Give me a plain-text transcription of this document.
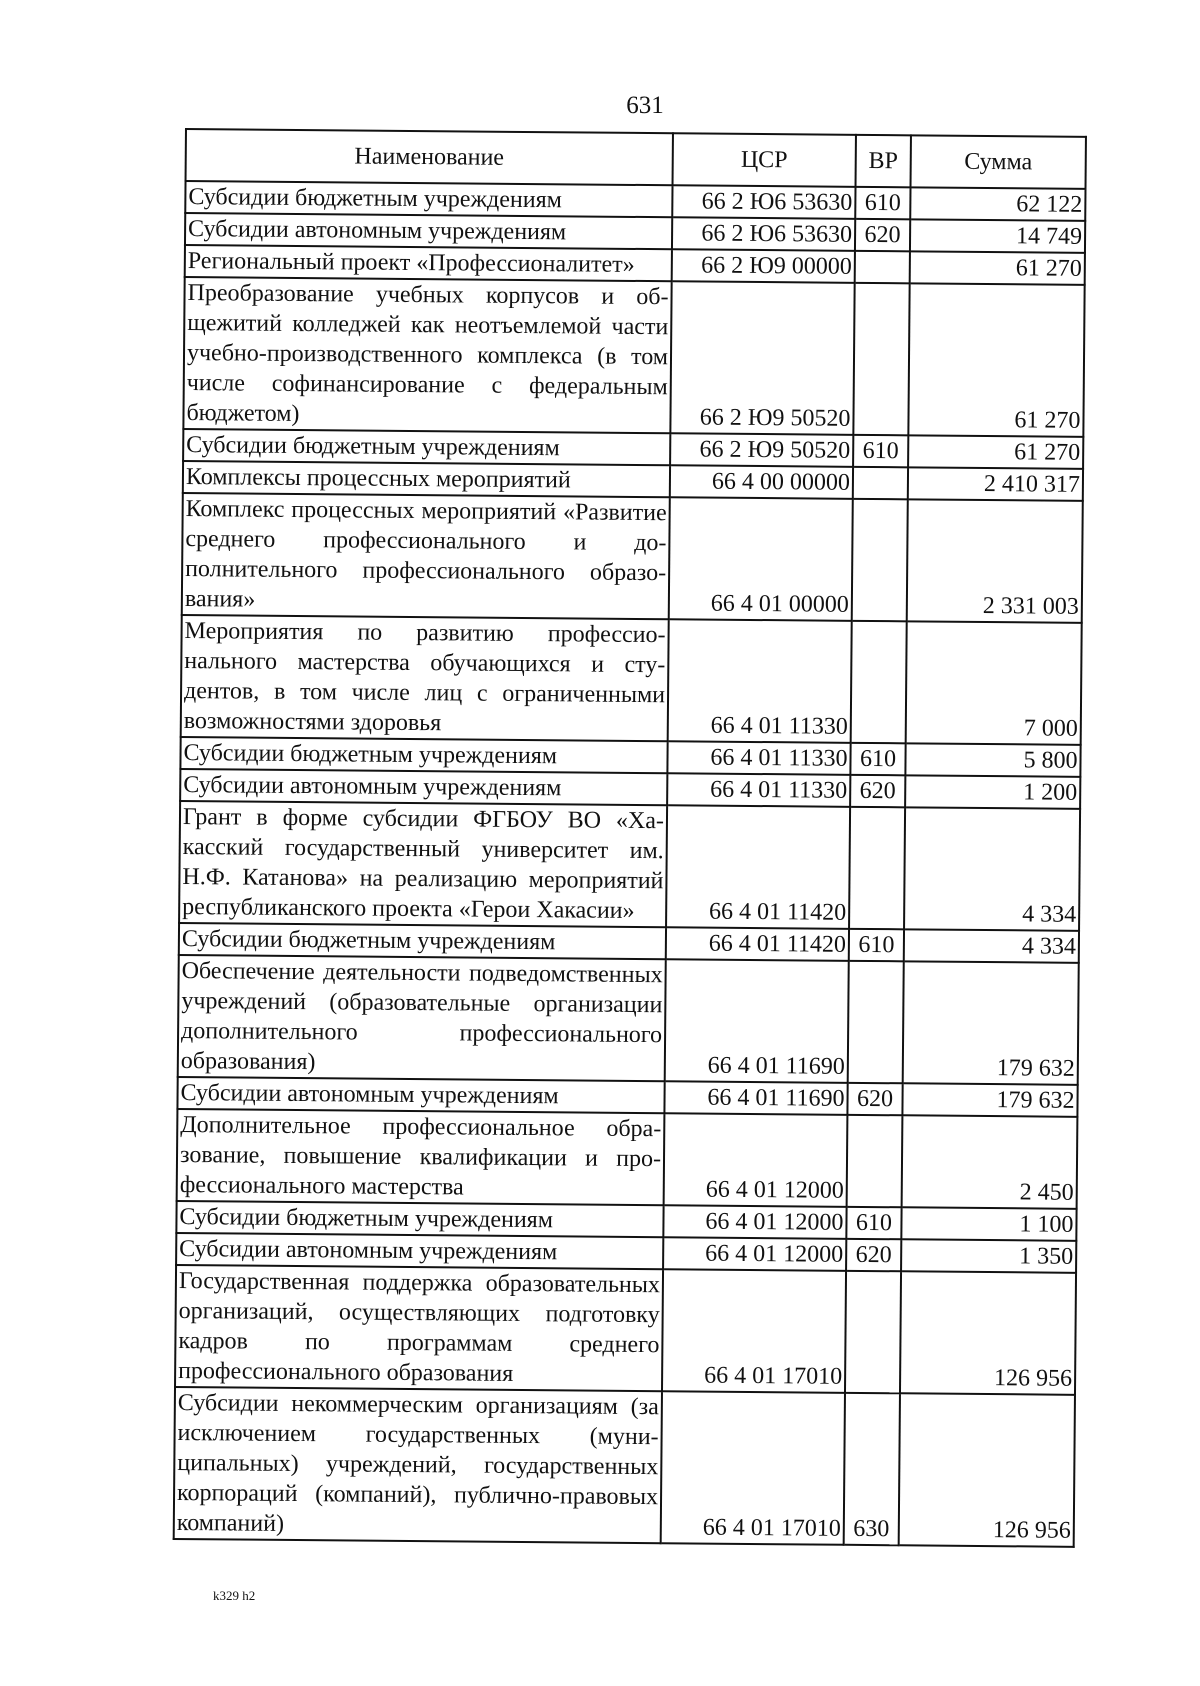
631
Наименование	ЦСР	ВР	Сумма
Субсидии бюджетным учреждениям	66 2 Ю6 53630	610	62 122
Субсидии автономным учреждениям	66 2 Ю6 53630	620	14 749
Региональный проект «Профессионалитет»	66 2 Ю9 00000		61 270
Преобразование учебных корпусов и общежитий колледжей как неотъемлемой части учебно-производственного комплекса (в том числе софинансирование с федеральным бюджетом)	66 2 Ю9 50520		61 270
Субсидии бюджетным учреждениям	66 2 Ю9 50520	610	61 270
Комплексы процессных мероприятий	66 4 00 00000		2 410 317
Комплекс процессных мероприятий «Развитие среднего профессионального и дополнительного профессионального образования»	66 4 01 00000		2 331 003
Мероприятия по развитию профессионального мастерства обучающихся и студентов, в том числе лиц с ограниченными возможностями здоровья	66 4 01 11330		7 000
Субсидии бюджетным учреждениям	66 4 01 11330	610	5 800
Субсидии автономным учреждениям	66 4 01 11330	620	1 200
Грант в форме субсидии ФГБОУ ВО «Хакасский государственный университет им. Н.Ф. Катанова» на реализацию мероприятий республиканского проекта «Герои Хакасии»	66 4 01 11420		4 334
Субсидии бюджетным учреждениям	66 4 01 11420	610	4 334
Обеспечение деятельности подведомственных учреждений (образовательные организации дополнительного профессионального образования)	66 4 01 11690		179 632
Субсидии автономным учреждениям	66 4 01 11690	620	179 632
Дополнительное профессиональное образование, повышение квалификации и профессионального мастерства	66 4 01 12000		2 450
Субсидии бюджетным учреждениям	66 4 01 12000	610	1 100
Субсидии автономным учреждениям	66 4 01 12000	620	1 350
Государственная поддержка образовательных организаций, осуществляющих подготовку кадров по программам среднего профессионального образования	66 4 01 17010		126 956
Субсидии некоммерческим организациям (за исключением государственных (муниципальных) учреждений, государственных корпораций (компаний), публично-правовых компаний)	66 4 01 17010	630	126 956
k329 h2
